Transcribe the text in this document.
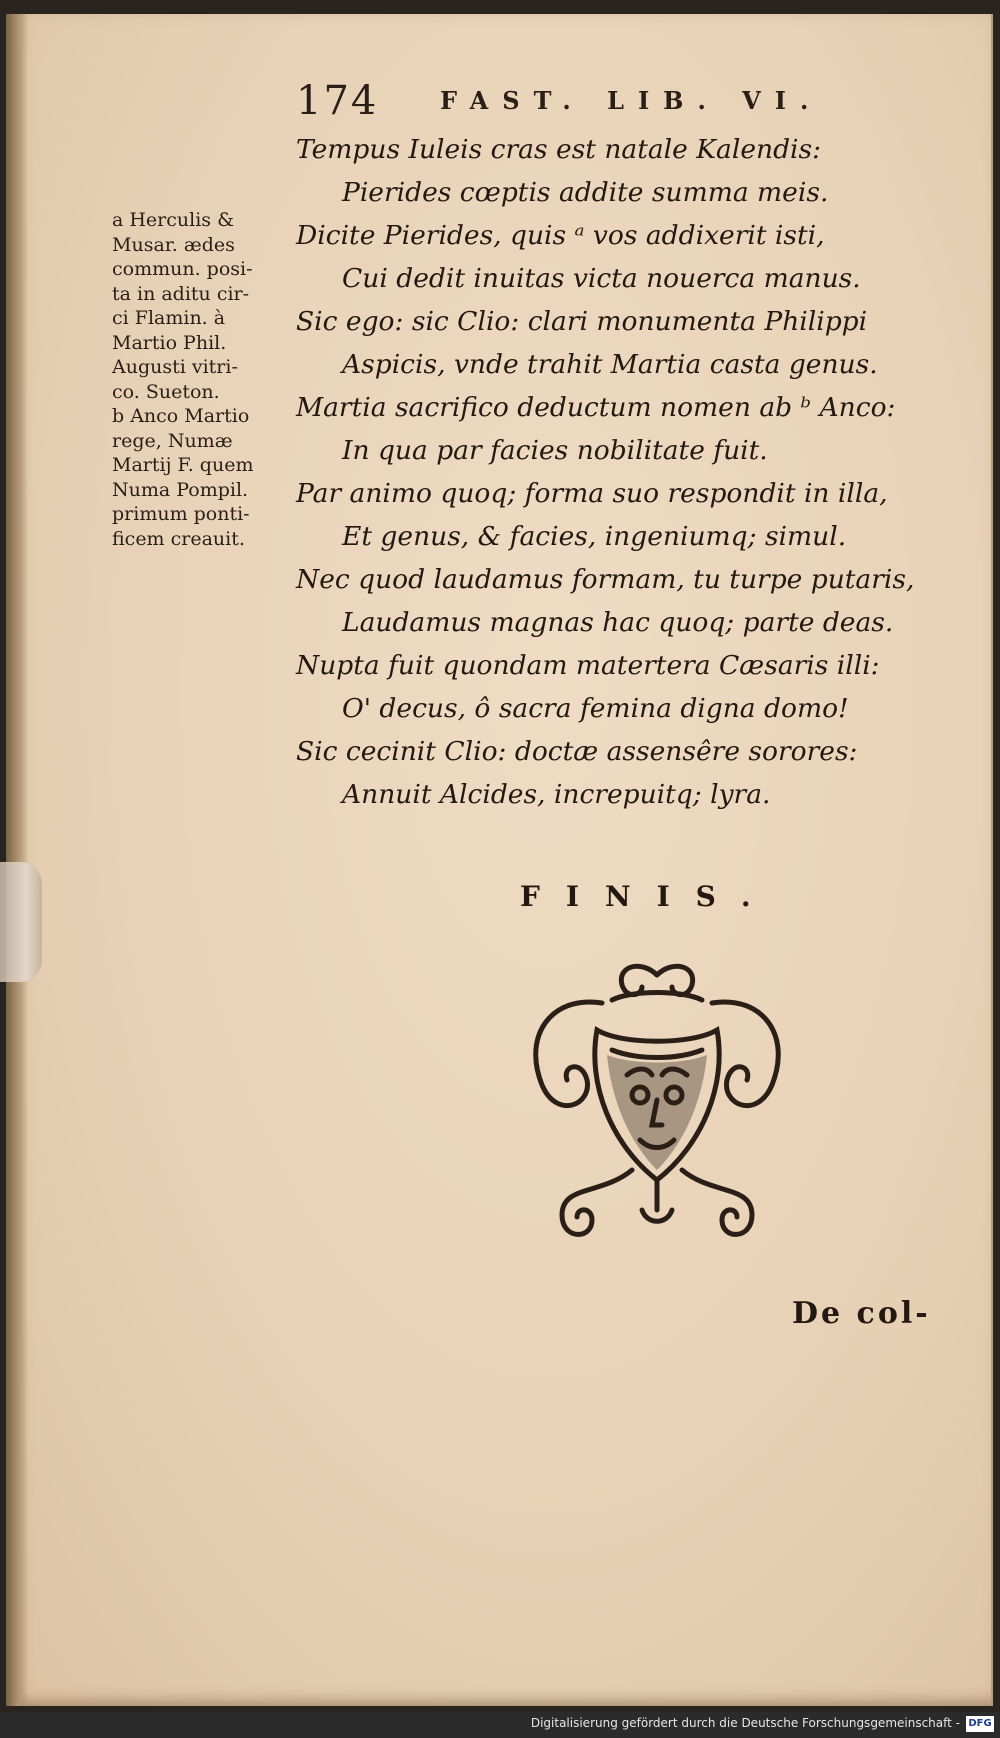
174	FAST. LIB. VI.
a Herculis &
Musar. ædes
commun. posi-
ta in aditu cir-
ci Flamin. à
Martio Phil.
Augusti vitri-
co. Sueton.
b Anco Martio
rege, Numæ
Martij F. quem
Numa Pompil.
primum ponti-
ficem creauit.
Tempus Iuleis cras est natale Kalendis:
Pierides cœptis addite summa meis.
Dicite Pierides, quis ᵃ vos addixerit isti,
Cui dedit inuitas victa nouerca manus.
Sic ego: sic Clio: clari monumenta Philippi
Aspicis, vnde trahit Martia casta genus.
Martia sacrifico deductum nomen ab ᵇ Anco:
In qua par facies nobilitate fuit.
Par animo quoq; forma suo respondit in illa,
Et genus, & facies, ingeniumq; simul.
Nec quod laudamus formam, tu turpe putaris,
Laudamus magnas hac quoq; parte deas.
Nupta fuit quondam matertera Cæsaris illi:
O' decus, ô sacra femina digna domo!
Sic cecinit Clio: doctæ assensêre sorores:
Annuit Alcides, increpuitq; lyra.
FINIS.
De col-
Digitalisierung gefördert durch die Deutsche Forschungsgemeinschaft - DFG
